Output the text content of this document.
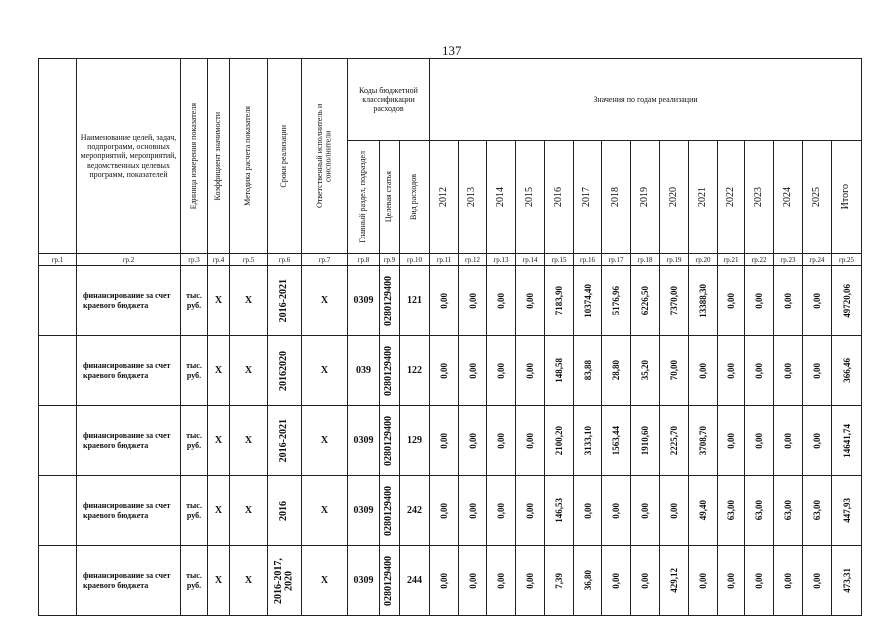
137
	Наименование целей, задач, подпрограмм, основных мероприятий, мероприятий, ведомственных целевых программ, показателей	Единица измерения показателя	Коэффициент значимости	Методика расчета показателя	Сроки реализации	Ответственный исполнитель и соисполнители	Коды бюджетной классификации расходов			Значения по годам реализации														

							Главный раздел, подраздел	Целевая статья	Вид расходов	2012	2013	2014	2015	2016	2017	2018	2019	2020	2021	2022	2023	2024	2025	Итого

гр.1	гр.2	гр.3	гр.4	гр.5	гр.6	гр.7	гр.8	гр.9	гр.10	гр.11	гр.12	гр.13	гр.14	гр.15	гр.16	гр.17	гр.18	гр.19	гр.20	гр.21	гр.22	гр.23	гр.24	гр.25
	финансирование за счет краевого бюджета	тыс. руб.	Х	Х	2016-2021	Х	0309	0280129400	121	0,00	0,00	0,00	0,00	7183,90	10374,40	5176,96	6226,50	7370,00	13388,30	0,00	0,00	0,00	0,00	49720,06

	финансирование за счет краевого бюджета	тыс. руб.	Х	Х	20162020	Х	039	0280129400	122	0,00	0,00	0,00	0,00	148,58	83,88	28,80	35,20	70,00	0,00	0,00	0,00	0,00	0,00	366,46

	финансирование за счет краевого бюджета	тыс. руб.	Х	Х	2016-2021	Х	0309	0280129400	129	0,00	0,00	0,00	0,00	2100,20	3133,10	1563,44	1910,60	2225,70	3708,70	0,00	0,00	0,00	0,00	14641,74

	финансирование за счет краевого бюджета	тыс. руб.	Х	Х	2016	Х	0309	0280129400	242	0,00	0,00	0,00	0,00	146,53	0,00	0,00	0,00	0,00	49,40	63,00	63,00	63,00	63,00	447,93

	финансирование за счет краевого бюджета	тыс. руб.	Х	Х	2016-2017, 2020	Х	0309	0280129400	244	0,00	0,00	0,00	0,00	7,39	36,80	0,00	0,00	429,12	0,00	0,00	0,00	0,00	0,00	473,31
